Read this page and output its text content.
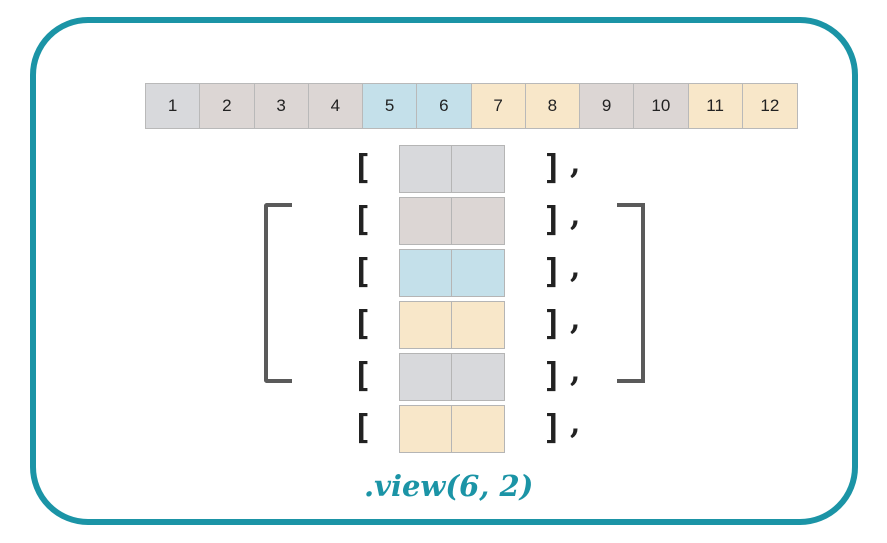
1	2	3	4	5	6	7	8	9	10	11	12
[	] ,
[	] ,
[	] ,
[	] ,
[	] ,
[	] ,
.view(6, 2)
